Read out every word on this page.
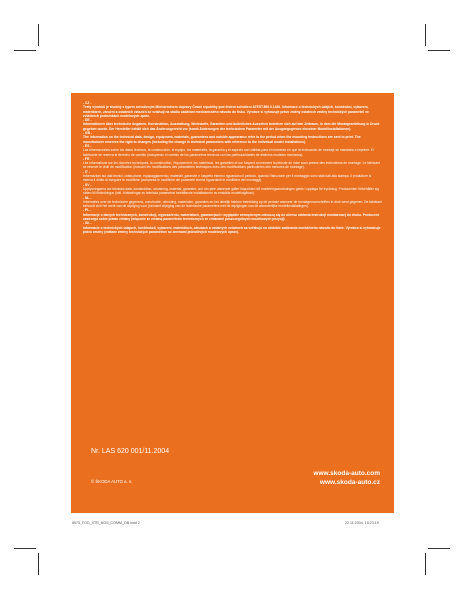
- CZ -
Texty výrobků je shodný s typem schváleným Ministerstvem dopravy České republiky pod číslem schválení ATEST.850.0.1426. Informace o technických údajích, konstrukci, vybavení, materiálech, záruční a ostatních vztazích se vztahují na stádiu zadávání mechanického návodu do tisku. Výrobce si vyhrazuje právo změny ostatních změny technických parametrů ve zvláštních podmínkách modelových zpráv.
- DE -
Informationen über technische Angaben, Konstruktion, Ausstattung, Werkstoffe, Garantien und äußerliches Aussehen beziehen sich auf den Zeitraum, in dem die Montageanleitung in Druck gegeben wurde. Der Hersteller behält sich das Änderungsrecht vor (somit Änderungen der technischen Parameter mit der Ausgangsgrenze einzelner Modellinstallationen).
- GB -
The information on the technical data, design, equipment, materials, guarantees and outside appearance refer to the period when the mounting instructions are sent to print. The manufacturer reserves the right to changes (including the change in technical parameters with reference to the individual model installations).
- ES -
Las informaciones sobre los datos técnicos, la construcción, el equipo, los materiales, la garantía y el aspecto son válidas para el momento en que la instrucción de montaje se mandaba a imprimir. El fabricante se reserva el derecho de cambio (incluyendo el cambio de los parámetros técnicos con las particularidades de distintos modelos montados).
- FR -
Les informations sur les données techniques, la construction, l'équipement, les matériaux, les garanties et sur l'aspect concernent la période de mise sous presse des instructions de montage. Le fabricant se réserve le droit de modification (incluant les modifications des paramètres techniques avec des modifications particulières des mesures de montage).
- IT -
Informazioni sui dati tecnici, costruzione, equipaggiamento, materiali, garanzie e l'aspetto esterno riguardano il periodo, quando l'istruzione per il montaggio sono stati dati alla stampa. Il produttore si riserva il diritto di eseguire le modifiche (compresa le modifiche dei parametri tecnici riguardanti le modifiche dei montaggi).
- SV -
Upplysningarna om tekniska data, konstruktion, utrustning, material, garantier, och om yttre utseende gäller tidpunkten då monteringsanvisningen gavts i upplaga för tryckning. Producenten förbehåller sig rätten till förändringar (inkl. förändringar av tekniska parametrar beträffande installationen av enskilda modellutgåvan).
- NL -
Informaties over de technische gegevens, constructie, uitrusting, materialen, garanties en het uiterlijk hebben betrekking op de periode wanneer de montagevoorschriften in druk werd gegeven. De fabrikant behoudt zich het recht van de wijziging voor (inclusief wijziging van de technische parameters met de wijzigingen van de afzonderlijke modelinstallatingen).
- PL -
Informacje o danych technicznych, konstrukcji, wyposażeniu, materiałach, gwarancjach i wyglądzie zewnętrznym odnoszą się do okresu oddania instrukcji montażowej do druku. Producent zastrzega sobie prawo zmiany (włącznie ze zmianą parametrów technicznych ze zmianami poszczególnych modelowych pozycji).
- SK -
Informácie o technických údajoch, konštrukcii, vybavení, materiáloch, zárukách a ostatných vzťahoch sa vzťahujú na obdobie zadávania montážneho návodu do tlače. Výrobca si vyhradzuje právo zmeny (vrátane zmeny technických parametrov so zmenami jednotlivých modelových úprav).
Nr. LAS 620 001/11.2004
© ŠKODA AUTO a. s.
www.skoda-auto.com
www.skoda-auto.cz
6975_FOD_STR_NOS_COMM_OB.indd 2	22.11.2004, 15:23:19
